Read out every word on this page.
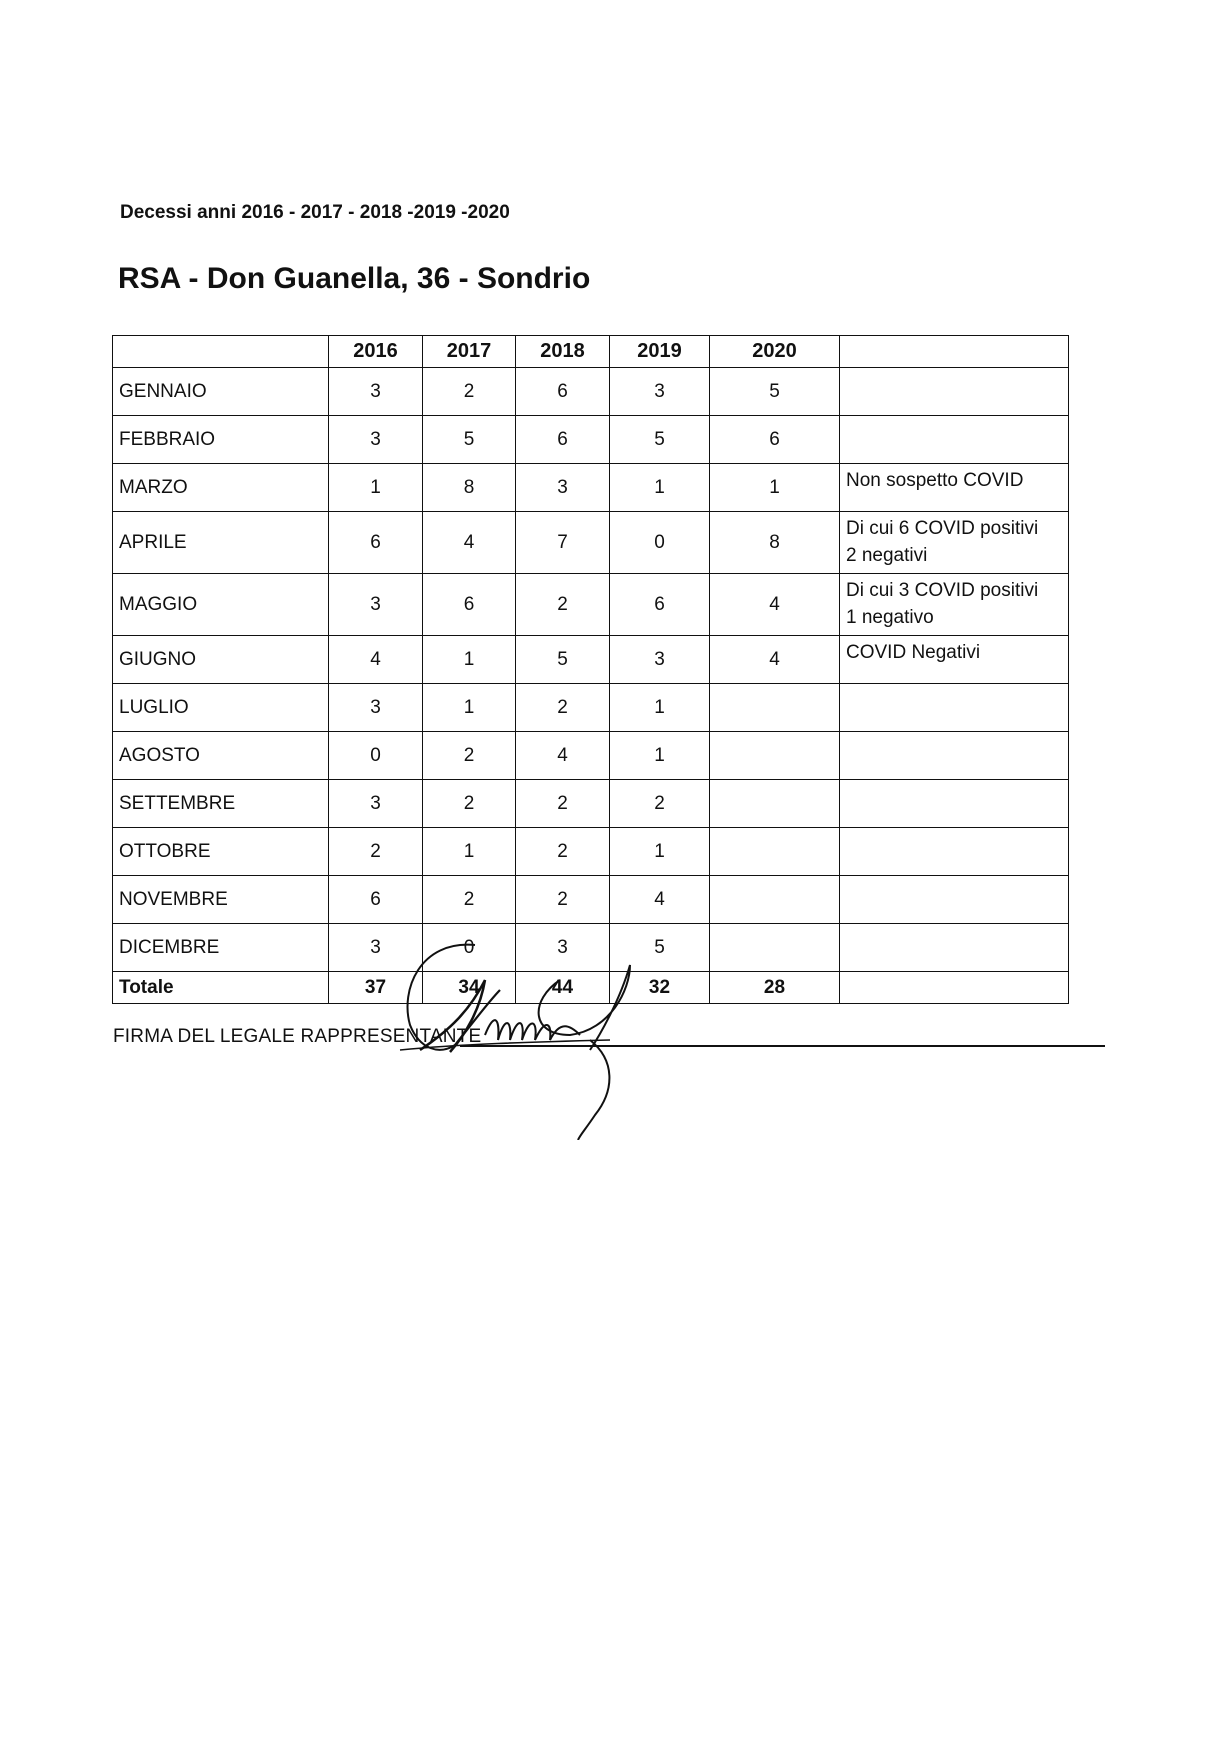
Decessi anni 2016 - 2017 - 2018 -2019 -2020
RSA - Don Guanella, 36 - Sondrio
	2016	2017	2018	2019	2020	
GENNAIO	3	2	6	3	5	
FEBBRAIO	3	5	6	5	6	
MARZO	1	8	3	1	1	Non sospetto COVID

APRILE	6	4	7	0	8	Di cui 6 COVID positivi
2 negativi

MAGGIO	3	6	2	6	4	Di cui 3 COVID positivi
1 negativo

GIUGNO	4	1	5	3	4	COVID Negativi

LUGLIO	3	1	2	1		
AGOSTO	0	2	4	1		
SETTEMBRE	3	2	2	2		
OTTOBRE	2	1	2	1		
NOVEMBRE	6	2	2	4		
DICEMBRE	3	0	3	5		
Totale	37	34	44	32	28	
FIRMA DEL LEGALE RAPPRESENTANTE
